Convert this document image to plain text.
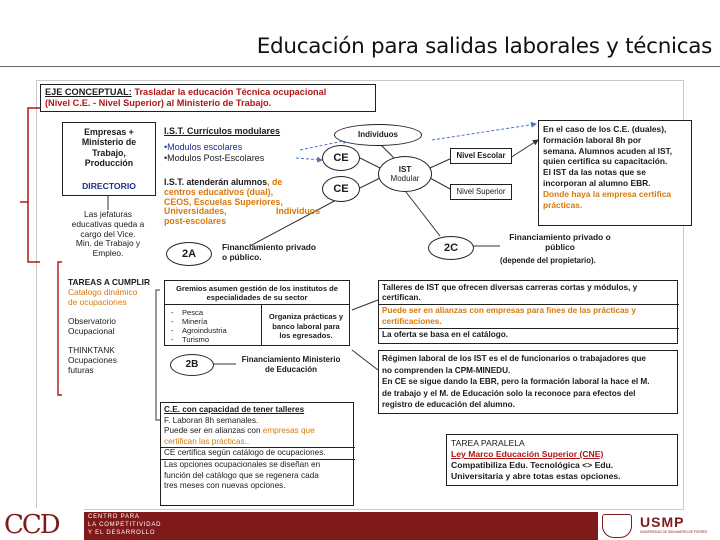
Educación para salidas laborales y técnicas
EJE CONCEPTUAL: Trasladar la educación Técnica ocupacional
(Nivel C.E. - Nivel Superior) al Ministerio de Trabajo.
Empresas +
Ministerio de
Trabajo,
Producción
DIRECTORIO
Las jefaturas
educativas queda a
cargo del Vice.
Min. de Trabajo y
Empleo.
TAREAS A CUMPLIR
Catalogo dinámico
de ocupaciones
Observatorio
Ocupacional
THINKTANK
Ocupaciones
futuras
I.S.T. Currículos modulares
•Modulos escolares
•Modulos Post-Escolares
I.S.T. atenderán alumnos, de
centros educativos (dual),
CEOS, Escuelas Superiores,
Universidades,	Individuos
post-escolares
Individuos
CE
CE
IST
Modular
Nivel Escolar
Nivel Superior
En el caso de los C.E. (duales),
formación laboral 8h por
semana. Alumnos acuden al IST,
quien certifica su capacitación.
El IST da las notas que se
incorporan al alumno EBR.
Donde haya la empresa certifica
prácticas.
2A
Financiamiento privado
o público.
2C
Financiamiento privado o
público
(depende del propietario).
Gremios asumen gestión de los institutos de
especialidades de su sector
-    Pesca
-    Minería
-    Agroindustria
-    Turismo
Organiza prácticas y
banco laboral para
los egresados.
2B	Financiamiento Ministerio
de Educación
Talleres de IST que ofrecen diversas carreras cortas y módulos, y
certifican.
Puede ser en alianzas con empresas para fines de las prácticas y
certificaciones.
La oferta se basa en el catálogo.
Régimen laboral de los IST es el de funcionarios o trabajadores que
no comprenden la CPM-MINEDU.
En CE se sigue dando la EBR, pero la formación laboral la hace el M.
de trabajo y el M. de Educación solo la reconoce para efectos del
registro de educación del alumno.
C.E. con capacidad de tener talleres
F. Laboran 8h semanales.
Puede ser en alianzas con empresas que
certifican las prácticas..
CE certifica según catálogo de ocupaciones.
Las opciones ocupacionales se diseñan en
función del catálogo que se regenera cada
tres meses con nuevas opciones.
TAREA PARALELA
Ley Marco Educación Superior (CNE)
Compatibiliza Edu. Tecnológica <> Edu.
Universitaria y abre totas estas opciones.
CCD	CENTRO PARA
LA COMPETITIVIDAD
Y EL DESARROLLO
USMP
UNIVERSIDAD DE SAN MARTÍN DE PORRES
